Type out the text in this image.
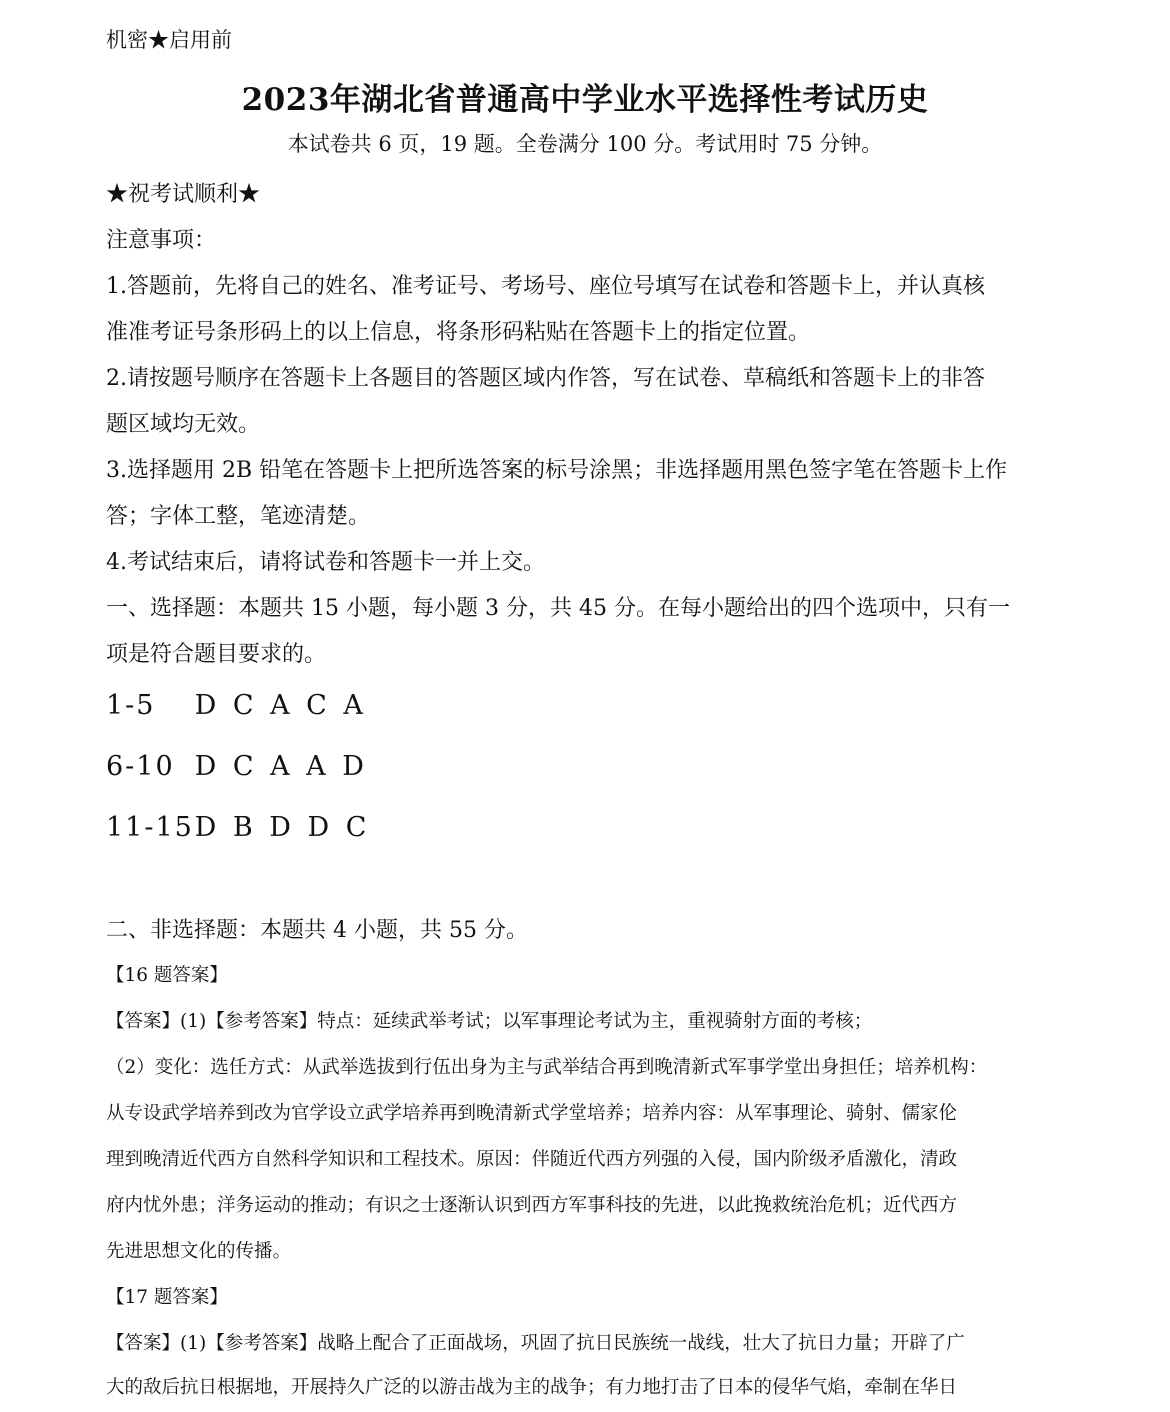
机密★启用前
2023年湖北省普通高中学业水平选择性考试历史
本试卷共 6 页，19 题。全卷满分 100 分。考试用时 75 分钟。
★祝考试顺利★
注意事项：
1.答题前，先将自己的姓名、准考证号、考场号、座位号填写在试卷和答题卡上，并认真核
准准考证号条形码上的以上信息，将条形码粘贴在答题卡上的指定位置。
2.请按题号顺序在答题卡上各题目的答题区域内作答，写在试卷、草稿纸和答题卡上的非答
题区域均无效。
3.选择题用 2B 铅笔在答题卡上把所选答案的标号涂黑；非选择题用黑色签字笔在答题卡上作
答；字体工整，笔迹清楚。
4.考试结束后，请将试卷和答题卡一并上交。
一、选择题：本题共 15 小题，每小题 3 分，共 45 分。在每小题给出的四个选项中，只有一
项是符合题目要求的。
1-5 D C A C A
6-10 D C A A D
11-15 D B D D C
二、非选择题：本题共 4 小题，共 55 分。
【16 题答案】
【答案】(1)【参考答案】特点：延续武举考试；以军事理论考试为主，重视骑射方面的考核；
（2）变化：选任方式：从武举选拔到行伍出身为主与武举结合再到晚清新式军事学堂出身担任；培养机构：
从专设武学培养到改为官学设立武学培养再到晚清新式学堂培养；培养内容：从军事理论、骑射、儒家伦
理到晚清近代西方自然科学知识和工程技术。原因：伴随近代西方列强的入侵，国内阶级矛盾激化，清政
府内忧外患；洋务运动的推动；有识之士逐渐认识到西方军事科技的先进，以此挽救统治危机；近代西方
先进思想文化的传播。
【17 题答案】
【答案】(1)【参考答案】战略上配合了正面战场，巩固了抗日民族统一战线，壮大了抗日力量；开辟了广
大的敌后抗日根据地，开展持久广泛的以游击战为主的战争；有力地打击了日本的侵华气焰，牵制在华日
